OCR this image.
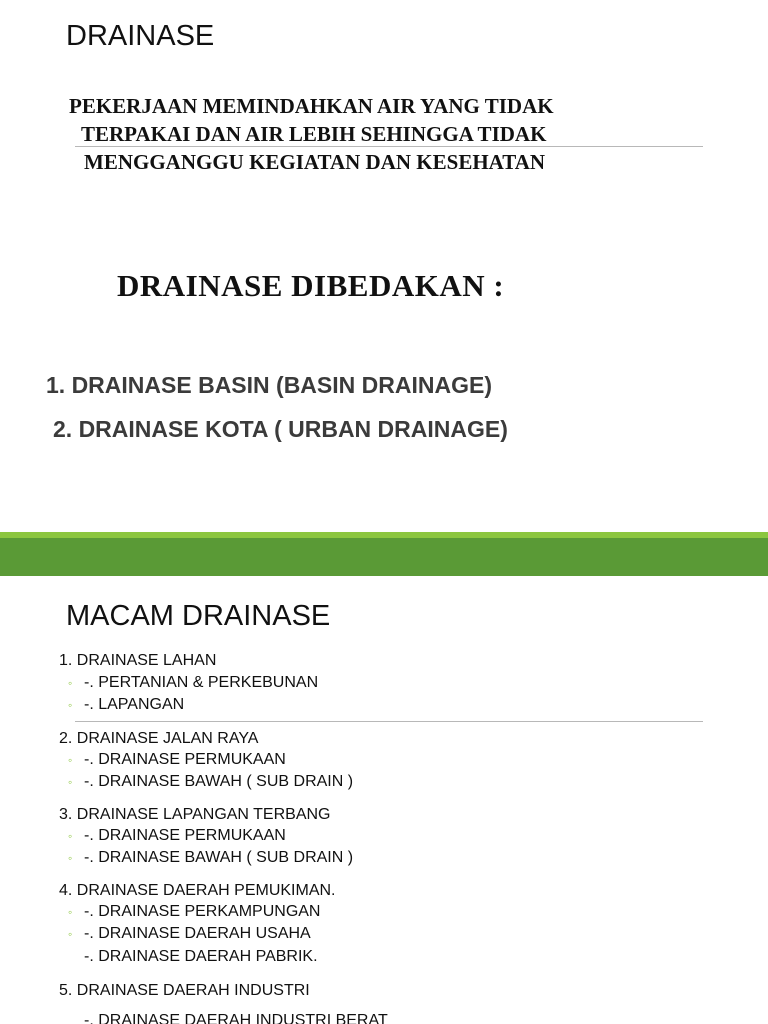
DRAINASE
PEKERJAAN MEMINDAHKAN AIR YANG TIDAK
TERPAKAI DAN AIR LEBIH SEHINGGA TIDAK
MENGGANGGU KEGIATAN DAN KESEHATAN
DRAINASE DIBEDAKAN :
1. DRAINASE BASIN (BASIN DRAINAGE)
2. DRAINASE KOTA ( URBAN DRAINAGE)
MACAM DRAINASE
1. DRAINASE LAHAN
◦ -. PERTANIAN & PERKEBUNAN
◦ -. LAPANGAN
2. DRAINASE JALAN RAYA
◦ -. DRAINASE PERMUKAAN
◦ -. DRAINASE BAWAH ( SUB DRAIN )
3. DRAINASE LAPANGAN TERBANG
◦ -. DRAINASE PERMUKAAN
◦ -. DRAINASE BAWAH ( SUB DRAIN )
4. DRAINASE DAERAH PEMUKIMAN.
◦ -. DRAINASE PERKAMPUNGAN
◦ -. DRAINASE DAERAH USAHA
-. DRAINASE DAERAH PABRIK.
5. DRAINASE DAERAH INDUSTRI
-. DRAINASE DAERAH INDUSTRI BERAT
